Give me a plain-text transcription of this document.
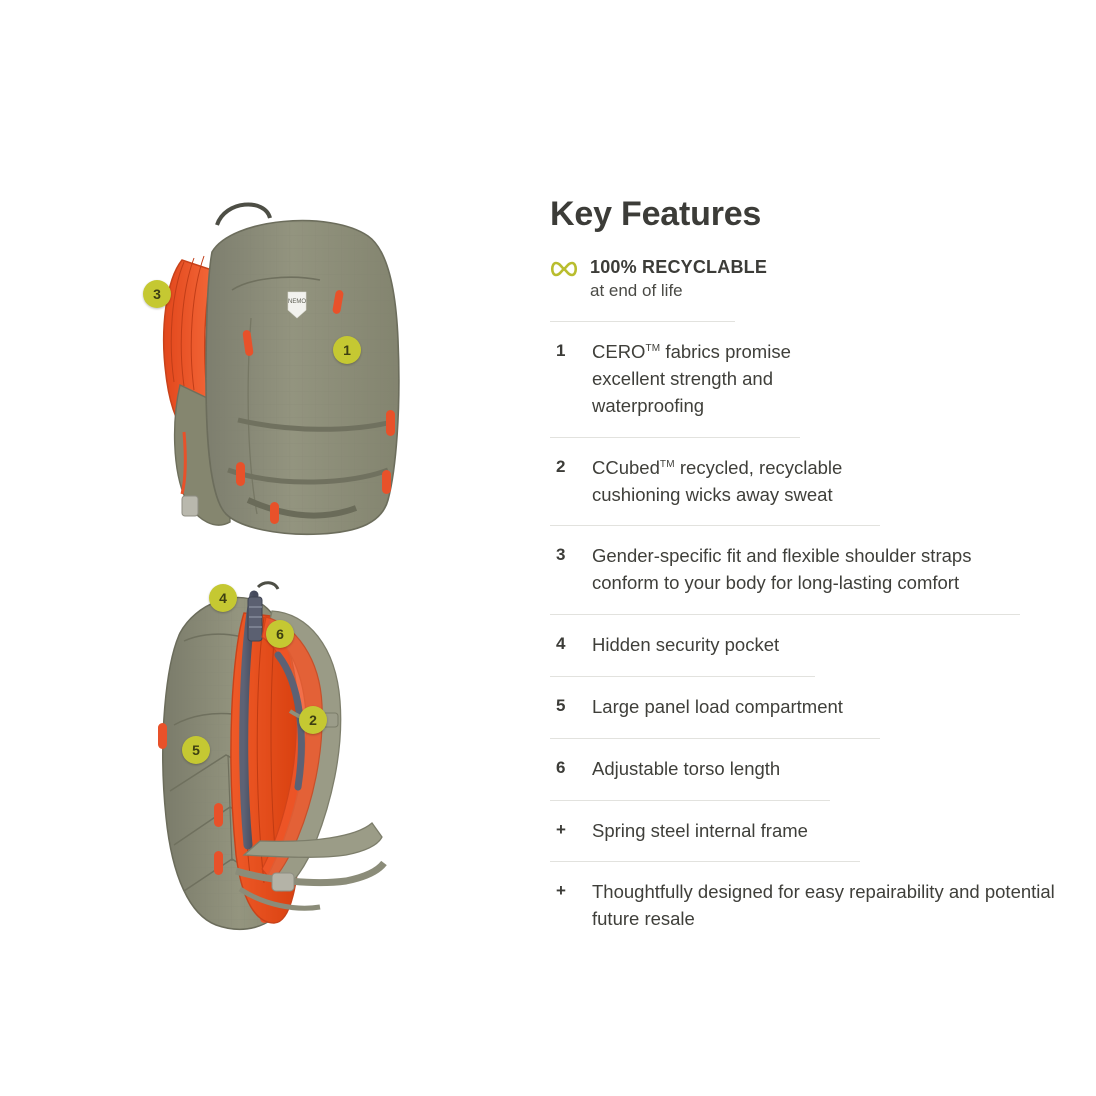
NEMO
3
1
4
6
2
5
Key Features
100% RECYCLABLE
at end of life
1	CERO™ fabrics promise excellent strength and waterproofing
2	CCubed™ recycled, recyclable cushioning wicks away sweat
3	Gender-specific fit and flexible shoulder straps conform to your body for long-lasting comfort
4	Hidden security pocket
5	Large panel load compartment
6	Adjustable torso length
+	Spring steel internal frame
+	Thoughtfully designed for easy repairability and potential future resale
